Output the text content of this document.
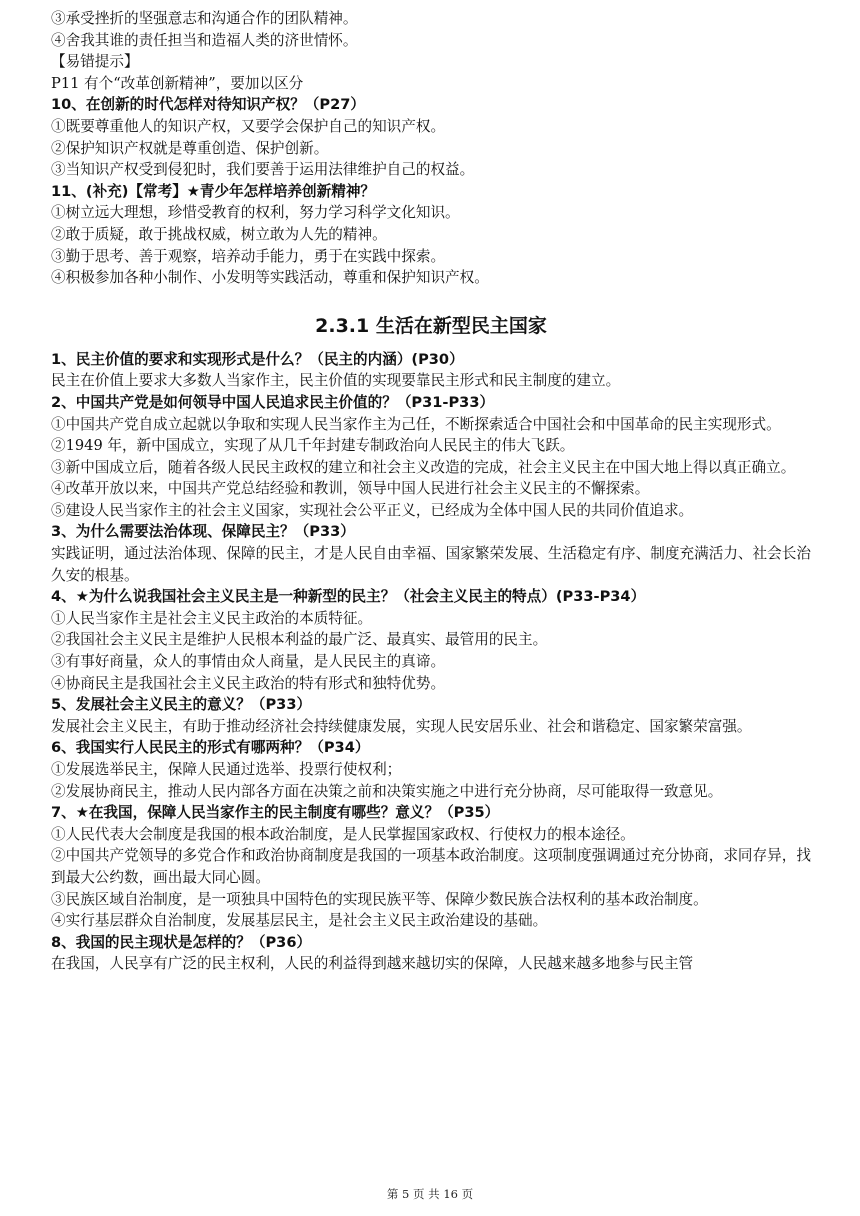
③承受挫折的坚强意志和沟通合作的团队精神。
④舍我其谁的责任担当和造福人类的济世情怀。
【易错提示】
P11 有个“改革创新精神”，要加以区分
10、在创新的时代怎样对待知识产权？（P27）
①既要尊重他人的知识产权，又要学会保护自己的知识产权。
②保护知识产权就是尊重创造、保护创新。
③当知识产权受到侵犯时，我们要善于运用法律维护自己的权益。
11、(补充)【常考】★青少年怎样培养创新精神？
①树立远大理想，珍惜受教育的权利，努力学习科学文化知识。
②敢于质疑，敢于挑战权威，树立敢为人先的精神。
③勤于思考、善于观察，培养动手能力，勇于在实践中探索。
④积极参加各种小制作、小发明等实践活动，尊重和保护知识产权。
2.3.1 生活在新型民主国家
1、民主价值的要求和实现形式是什么？（民主的内涵）(P30）
民主在价值上要求大多数人当家作主，民主价值的实现要靠民主形式和民主制度的建立。
2、中国共产党是如何领导中国人民追求民主价值的？（P31-P33）
①中国共产党自成立起就以争取和实现人民当家作主为己任，不断探索适合中国社会和中国革命的民主实现形式。
②1949 年，新中国成立，实现了从几千年封建专制政治向人民民主的伟大飞跃。
③新中国成立后，随着各级人民民主政权的建立和社会主义改造的完成，社会主义民主在中国大地上得以真正确立。
④改革开放以来，中国共产党总结经验和教训，领导中国人民进行社会主义民主的不懈探索。
⑤建设人民当家作主的社会主义国家，实现社会公平正义，已经成为全体中国人民的共同价值追求。
3、为什么需要法治体现、保障民主？（P33）
实践证明，通过法治体现、保障的民主，才是人民自由幸福、国家繁荣发展、生活稳定有序、制度充满活力、社会长治久安的根基。
4、★为什么说我国社会主义民主是一种新型的民主？（社会主义民主的特点）(P33-P34）
①人民当家作主是社会主义民主政治的本质特征。
②我国社会主义民主是维护人民根本利益的最广泛、最真实、最管用的民主。
③有事好商量，众人的事情由众人商量，是人民民主的真谛。
④协商民主是我国社会主义民主政治的特有形式和独特优势。
5、发展社会主义民主的意义？（P33）
发展社会主义民主，有助于推动经济社会持续健康发展，实现人民安居乐业、社会和谐稳定、国家繁荣富强。
6、我国实行人民民主的形式有哪两种？（P34）
①发展选举民主，保障人民通过选举、投票行使权利；
②发展协商民主，推动人民内部各方面在决策之前和决策实施之中进行充分协商，尽可能取得一致意见。
7、★在我国，保障人民当家作主的民主制度有哪些？意义？（P35）
①人民代表大会制度是我国的根本政治制度，是人民掌握国家政权、行使权力的根本途径。
②中国共产党领导的多党合作和政治协商制度是我国的一项基本政治制度。这项制度强调通过充分协商，求同存异，找到最大公约数，画出最大同心圆。
③民族区域自治制度，是一项独具中国特色的实现民族平等、保障少数民族合法权利的基本政治制度。
④实行基层群众自治制度，发展基层民主，是社会主义民主政治建设的基础。
8、我国的民主现状是怎样的？（P36）
在我国，人民享有广泛的民主权利，人民的利益得到越来越切实的保障，人民越来越多地参与民主管
第 5 页 共 16 页
